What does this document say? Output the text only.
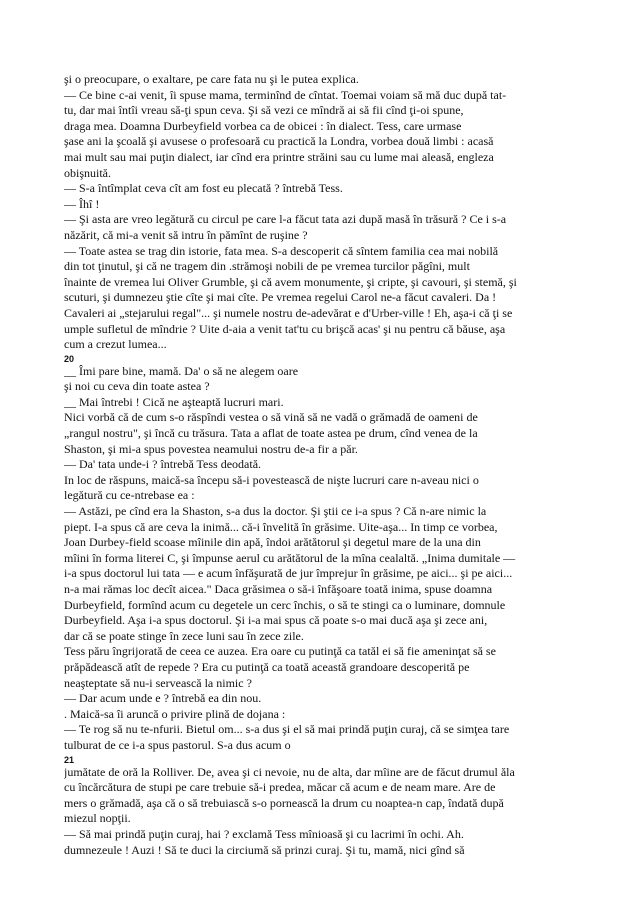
şi o preocupare, o exaltare, pe care fata nu şi le putea explica.
— Ce bine c-ai venit, îi spuse mama, terminînd de cîntat. Toemai voiam să mă duc după tat-
tu, dar mai întîi vreau să-ţi spun ceva. Şi să vezi ce mîndră ai să fii cînd ţi-oi spune,
draga mea. Doamna Durbeyfield vorbea ca de obicei : în dialect. Tess, care urmase
şase ani la şcoală şi avusese o profesoară cu practică la Londra, vorbea două limbi : acasă
mai mult sau mai puţin dialect, iar cînd era printre străini sau cu lume mai aleasă, engleza
obişnuită.
— S-a întîmplat ceva cît am fost eu plecată ? întrebă Tess.
— Îhî !
— Şi asta are vreo legătură cu circul pe care l-a făcut tata azi după masă în trăsură ? Ce i s-a
năzărit, că mi-a venit să intru în pămînt de ruşine ?
— Toate astea se trag din istorie, fata mea. S-a descoperit că sîntem familia cea mai nobilă
din tot ţinutul, şi că ne tragem din .strămoşi nobili de pe vremea turcilor păgîni, mult
înainte de vremea lui Oliver Grumble, şi că avem monumente, şi cripte, şi cavouri, şi stemă, şi
scuturi, şi dumnezeu ştie cîte şi mai cîte. Pe vremea regelui Carol ne-a făcut cavaleri. Da !
Cavaleri ai „stejarului regal"... şi numele nostru de-adevărat e d'Urber-ville ! Eh, aşa-i că ţi se
umple sufletul de mîndrie ? Uite d-aia a venit tat'tu cu brişcă acas' şi nu pentru că băuse, aşa
cum a crezut lumea...
20
__ Îmi pare bine, mamă. Da' o să ne alegem oare
şi noi cu ceva din toate astea ?
__ Mai întrebi ! Cică ne aşteaptă lucruri mari.
Nici vorbă că de cum s-o răspîndi vestea o să vină să ne vadă o grămadă de oameni de
„rangul nostru", şi încă cu trăsura. Tata a aflat de toate astea pe drum, cînd venea de la
Shaston, şi mi-a spus povestea neamului nostru de-a fir a păr.
— Da' tata unde-i ? întrebă Tess deodată.
In loc de răspuns, maică-sa începu să-i povestească de nişte lucruri care n-aveau nici o
legătură cu ce-ntrebase ea :
— Astăzi, pe cînd era la Shaston, s-a dus la doctor. Şi ştii ce i-a spus ? Că n-are nimic la
piept. I-a spus că are ceva la inimă... că-i învelită în grăsime. Uite-aşa... In timp ce vorbea,
Joan Durbey-field scoase mîinile din apă, îndoi arătătorul şi degetul mare de la una din
mîini în forma literei C, şi împunse aerul cu arătătorul de la mîna cealaltă. „Inima dumitale —
i-a spus doctorul lui tata — e acum înfăşurată de jur împrejur în grăsime, pe aici... şi pe aici...
n-a mai rămas loc decît aicea." Daca grăsimea o să-i înfăşoare toată inima, spuse doamna
Durbeyfield, formînd acum cu degetele un cerc închis, o să te stingi ca o luminare, domnule
Durbeyfield. Aşa i-a spus doctorul. Şi i-a mai spus că poate s-o mai ducă aşa şi zece ani,
dar că se poate stinge în zece luni sau în zece zile.
Tess păru îngrijorată de ceea ce auzea. Era oare cu putinţă ca tatăl ei să fie ameninţat să se
prăpădească atît de repede ? Era cu putinţă ca toată această grandoare descoperită pe
neaşteptate să nu-i servească la nimic ?
— Dar acum unde e ? întrebă ea din nou.
. Maică-sa îi aruncă o privire plină de dojana :
— Te rog să nu te-nfurii. Bietul om... s-a dus şi el să mai prindă puţin curaj, că se simţea tare
tulburat de ce i-a spus pastorul. S-a dus acum o
21
jumătate de oră la Rolliver. De, avea şi ci nevoie, nu de alta, dar mîine are de făcut drumul ăla
cu încărcătura de stupi pe care trebuie să-i predea, măcar că acum e de neam mare. Are de
mers o grămadă, aşa că o să trebuiască s-o pornească la drum cu noaptea-n cap, îndată după
miezul nopţii.
— Să mai prindă puţin curaj, hai ? exclamă Tess mînioasă şi cu lacrimi în ochi. Ah.
dumnezeule ! Auzi ! Să te duci la circiumă să prinzi curaj. Şi tu, mamă, nici gînd să
